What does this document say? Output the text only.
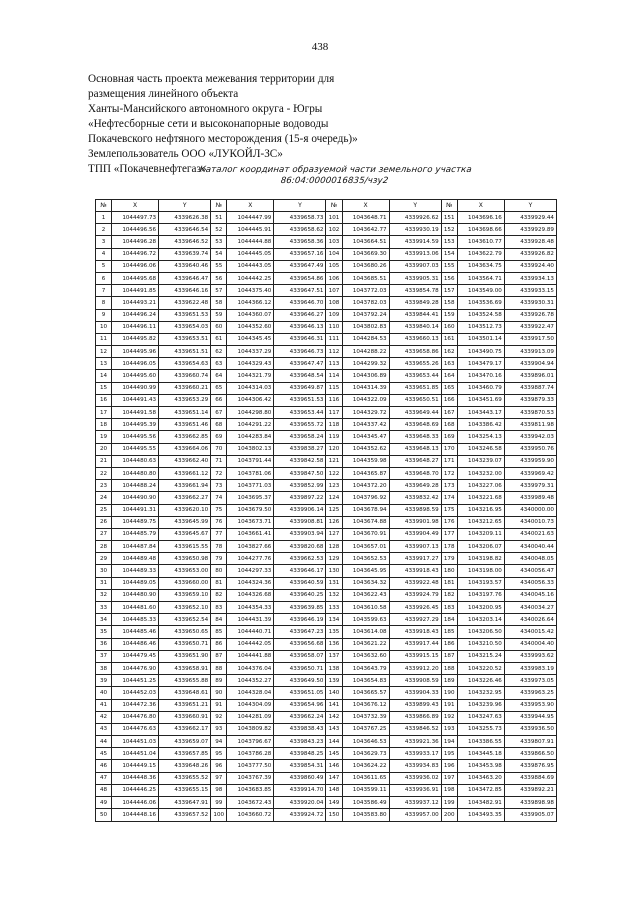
438
Основная часть проекта межевания территории для
размещения линейного объекта
Ханты-Мансийского автономного округа - Югры
«Нефтесборные сети и высоконапорные водоводы
Покачевского нефтяного месторождения (15-я очередь)»
Землепользователь ООО «ЛУКОЙЛ-ЗС»
ТПП «Покачевнефтегаз»
Каталог координат образуемой части земельного участка
86:04:0000016835/чзу2
№	X	Y	№	X	Y	№	X	Y	№	X	Y
1	1044497.73	4339626.38	51	1044447.99	4339658.73	101	1043648.71	4339926.62	151	1043696.16	4339929.44
2	1044496.56	4339646.54	52	1044445.91	4339658.62	102	1043642.77	4339930.19	152	1043698.66	4339929.89
3	1044496.28	4339646.52	53	1044444.88	4339658.36	103	1043664.51	4339914.59	153	1043610.77	4339928.48
4	1044496.72	4339639.74	54	1044445.05	4339657.16	104	1043669.30	4339913.06	154	1043622.79	4339926.82
5	1044496.06	4339640.46	55	1044443.05	4339647.49	105	1043680.26	4339907.03	155	1043634.75	4339924.40
6	1044495.68	4339646.47	56	1044442.25	4339654.86	106	1043685.51	4339905.31	156	1043564.71	4339934.13
7	1044491.85	4339646.16	57	1044375.40	4339647.51	107	1043772.03	4339854.78	157	1043549.00	4339933.15
8	1044493.21	4339622.48	58	1044366.12	4339646.70	108	1043782.03	4339849.28	158	1043536.69	4339930.31
9	1044496.24	4339651.53	59	1044360.07	4339646.27	109	1043792.24	4339844.41	159	1043524.58	4339926.78
10	1044496.11	4339654.03	60	1044352.60	4339646.13	110	1043802.83	4339840.14	160	1043512.73	4339922.47
11	1044495.82	4339653.51	61	1044345.45	4339646.31	111	1044284.53	4339660.13	161	1043501.14	4339917.50
12	1044495.96	4339651.51	62	1044337.29	4339646.73	112	1044288.22	4339658.86	162	1043490.75	4339913.09
13	1044496.05	4339654.63	63	1044329.43	4339647.47	113	1044299.32	4339655.26	163	1043479.17	4339904.94
14	1044495.60	4339660.74	64	1044321.79	4339648.54	114	1044306.89	4339653.44	164	1043470.16	4339896.01
15	1044490.99	4339660.21	65	1044314.03	4339649.87	115	1044314.39	4339651.85	165	1043460.79	4339887.74
16	1044491.43	4339653.29	66	1044306.42	4339651.53	116	1044322.09	4339650.51	166	1043451.69	4339879.33
17	1044491.58	4339651.14	67	1044298.80	4339653.44	117	1044329.72	4339649.44	167	1043443.17	4339870.53
18	1044495.39	4339651.46	68	1044291.22	4339655.72	118	1044337.42	4339648.69	168	1043386.42	4339811.98
19	1044495.56	4339662.85	69	1044283.84	4339658.24	119	1044345.47	4339648.33	169	1043254.13	4339942.03
20	1044495.55	4339664.06	70	1043802.13	4339838.27	120	1044352.62	4339648.13	170	1043246.58	4339950.76
21	1044480.63	4339662.40	71	1043791.44	4339842.58	121	1044359.98	4339648.27	171	1043239.07	4339959.90
22	1044480.80	4339661.12	72	1043781.06	4339847.50	122	1044365.87	4339648.70	172	1043232.00	4339969.42
23	1044488.24	4339661.94	73	1043771.03	4339852.99	123	1044372.20	4339649.28	173	1043227.06	4339979.31
24	1044490.90	4339662.27	74	1043695.37	4339897.22	124	1043796.92	4339832.42	174	1043221.68	4339989.48
25	1044491.31	4339620.10	75	1043679.50	4339906.14	125	1043678.94	4339898.59	175	1043216.95	4340000.00
26	1044489.75	4339645.99	76	1043673.71	4339908.81	126	1043674.88	4339901.98	176	1043212.65	4340010.73
27	1044485.79	4339645.67	77	1043661.41	4339903.94	127	1043670.91	4339904.49	177	1043209.11	4340021.63
28	1044487.84	4339615.55	78	1043827.66	4339820.68	128	1043657.01	4339907.13	178	1043206.07	4340040.44
29	1044489.48	4339650.98	79	1044277.76	4339662.53	129	1043652.53	4339917.27	179	1043198.82	4340048.05
30	1044489.33	4339653.00	80	1044297.33	4339646.17	130	1043645.95	4339918.43	180	1043198.00	4340056.47
31	1044489.05	4339660.00	81	1044324.36	4339640.59	131	1043634.32	4339922.48	181	1043193.57	4340056.33
32	1044480.90	4339659.10	82	1044326.68	4339640.25	132	1043622.43	4339924.79	182	1043197.76	4340045.16
33	1044481.60	4339652.10	83	1044354.33	4339639.85	133	1043610.58	4339926.45	183	1043200.95	4340034.27
34	1044485.33	4339652.54	84	1044431.39	4339646.19	134	1043599.63	4339927.29	184	1043203.14	4340026.64
35	1044485.46	4339650.65	85	1044440.71	4339647.23	135	1043614.08	4339918.43	185	1043206.50	4340015.42
36	1044486.46	4339650.71	86	1044442.05	4339656.68	136	1043621.22	4339917.44	186	1043210.50	4340004.40
37	1044479.45	4339651.90	87	1044441.88	4339658.07	137	1043632.60	4339915.15	187	1043215.24	4339993.62
38	1044476.90	4339658.91	88	1044376.04	4339650.71	138	1043643.79	4339912.20	188	1043220.52	4339983.19
39	1044451.25	4339655.88	89	1044352.27	4339649.50	139	1043654.83	4339908.59	189	1043226.46	4339973.05
40	1044452.03	4339648.61	90	1044328.04	4339651.05	140	1043665.57	4339904.33	190	1043232.95	4339963.25
41	1044472.36	4339651.21	91	1044304.09	4339654.96	141	1043676.12	4339899.43	191	1043239.96	4339953.90
42	1044476.80	4339660.91	92	1044281.09	4339662.24	142	1043732.39	4339866.89	192	1043247.63	4339944.95
43	1044476.63	4339662.17	93	1043809.82	4339838.43	143	1043767.25	4339846.52	193	1043255.73	4339936.50
44	1044451.03	4339659.07	94	1043796.67	4339843.23	144	1043646.53	4339921.36	194	1043386.55	4339807.91
45	1044451.04	4339657.85	95	1043786.28	4339848.25	145	1043629.73	4339933.17	195	1043445.18	4339866.50
46	1044449.15	4339648.26	96	1043777.50	4339854.31	146	1043624.22	4339934.83	196	1043453.98	4339876.95
47	1044448.36	4339655.52	97	1043767.39	4339860.49	147	1043611.65	4339936.02	197	1043463.20	4339884.69
48	1044446.25	4339655.15	98	1043683.85	4339914.70	148	1043599.11	4339936.91	198	1043472.85	4339892.21
49	1044446.06	4339647.91	99	1043672.43	4339920.04	149	1043586.49	4339937.12	199	1043482.91	4339898.98
50	1044448.16	4339657.52	100	1043660.72	4339924.72	150	1043583.80	4339957.00	200	1043493.35	4339905.07
